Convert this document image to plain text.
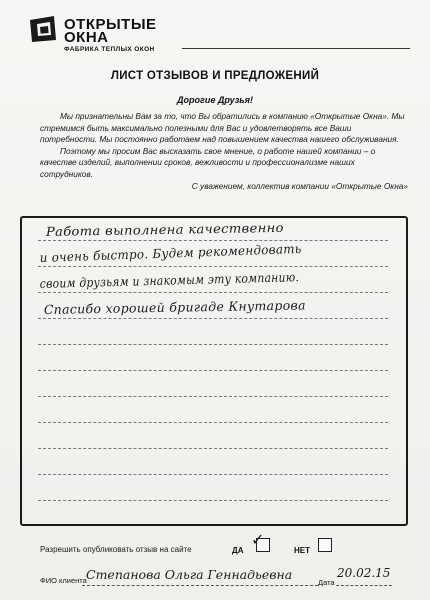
ОТКРЫТЫЕ
ОКНА
ФАБРИКА ТЕПЛЫХ ОКОН
ЛИСТ ОТЗЫВОВ И ПРЕДЛОЖЕНИЙ
Дорогие Друзья!

Мы признательны Вам за то, что Вы обратились в компанию «Открытые Окна». Мы стремимся быть максимально полезными для Вас и удовлетворять все Ваши потребности. Мы постоянно работаем над повышением качества нашего обслуживания.

Поэтому мы просим Вас высказать свое мнение, о работе нашей компании – о качестве изделий, выполнении сроков, вежливости и профессионализме наших сотрудников.

С уважением, коллектив компании «Открытые Окна»
Работа выполнена качественно
и очень быстро. Будем рекомендовать
своим друзьям и знакомым эту компанию.
Спасибо хорошей бригаде Кнутарова
Разрешить опубликовать отзыв на сайте	ДА
✓
НЕТ
ФИО клиента Степанова Ольга Геннадьевна
Дата
20.02.15
